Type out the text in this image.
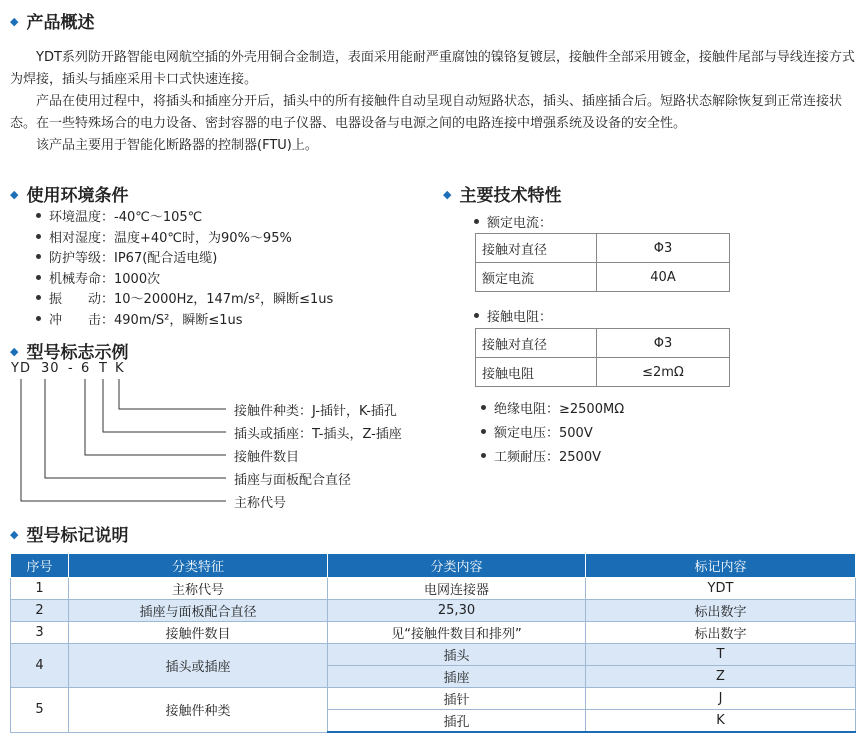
◆ 产品概述

YDT系列防开路智能电网航空插的外壳用铜合金制造，表面采用能耐严重腐蚀的镍铬复镀层，接触件全部采用镀金，接触件尾部与导线连接方式为焊接，插头与插座采用卡口式快速连接。

产品在使用过程中，将插头和插座分开后，插头中的所有接触件自动呈现自动短路状态，插头、插座插合后。短路状态解除恢复到正常连接状态。在一些特殊场合的电力设备、密封容器的电子仪器、电器设备与电源之间的电路连接中增强系统及设备的安全性。

该产品主要用于智能化断路器的控制器(FTU)上。

◆ 使用环境条件
环境温度：-40℃～105℃
相对湿度：温度+40℃时，为90%～95%
防护等级：IP67(配合适电缆)
机械寿命：1000次
振　　动：10～2000Hz，147m/s²，瞬断≤1us
冲　　击：490m/S²，瞬断≤1us
◆ 主要技术特性
额定电流：
接触对直径	Φ3
额定电流	40A
接触电阻：
接触对直径	Φ3
接触电阻	≤2mΩ
绝缘电阻：≥2500MΩ
额定电压：500V
工频耐压：2500V
◆ 型号标志示例
YD 30 - 6 T K
接触件种类：J-插针，K-插孔
插头或插座：T-插头，Z-插座
接触件数目
插座与面板配合直径
主称代号
◆ 型号标记说明
序号	分类特征	分类内容	标记内容
1	主称代号	电网连接器	YDT
2	插座与面板配合直径	25,30	标出数字
3	接触件数目	见“接触件数目和排列”	标出数字
4	插头或插座	插头	T
		插座	Z
5	接触件种类	插针	J
		插孔	K
